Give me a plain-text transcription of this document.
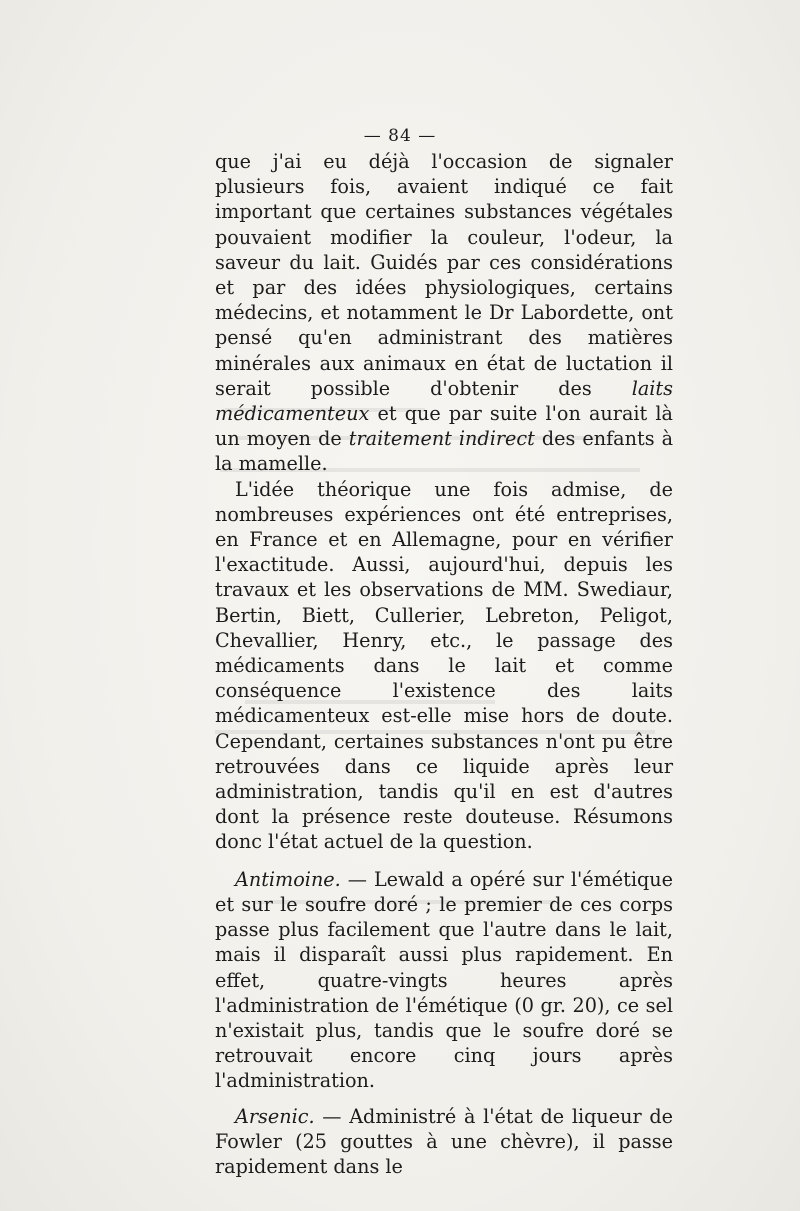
— 84 —

que j'ai eu déjà l'occasion de signaler plusieurs fois, avaient indiqué ce fait important que certaines substances végétales pouvaient modifier la couleur, l'odeur, la saveur du lait. Guidés par ces considérations et par des idées physiologiques, certains médecins, et notamment le Dr Labordette, ont pensé qu'en administrant des matières minérales aux animaux en état de luctation il serait possible d'obtenir des laits médicamenteux et que par suite l'on aurait là un moyen de traitement indirect des enfants à la mamelle.

L'idée théorique une fois admise, de nombreuses expériences ont été entreprises, en France et en Allemagne, pour en vérifier l'exactitude. Aussi, aujourd'hui, depuis les travaux et les observations de MM. Swediaur, Bertin, Biett, Cullerier, Lebreton, Peligot, Chevallier, Henry, etc., le passage des médicaments dans le lait et comme conséquence l'existence des laits médicamenteux est-elle mise hors de doute. Cependant, certaines substances n'ont pu être retrouvées dans ce liquide après leur administration, tandis qu'il en est d'autres dont la présence reste douteuse. Résumons donc l'état actuel de la question.

Antimoine. — Lewald a opéré sur l'émétique et sur le soufre doré ; le premier de ces corps passe plus facilement que l'autre dans le lait, mais il disparaît aussi plus rapidement. En effet, quatre-vingts heures après l'administration de l'émétique (0 gr. 20), ce sel n'existait plus, tandis que le soufre doré se retrouvait encore cinq jours après l'administration.

Arsenic. — Administré à l'état de liqueur de Fowler (25 gouttes à une chèvre), il passe rapidement dans le
